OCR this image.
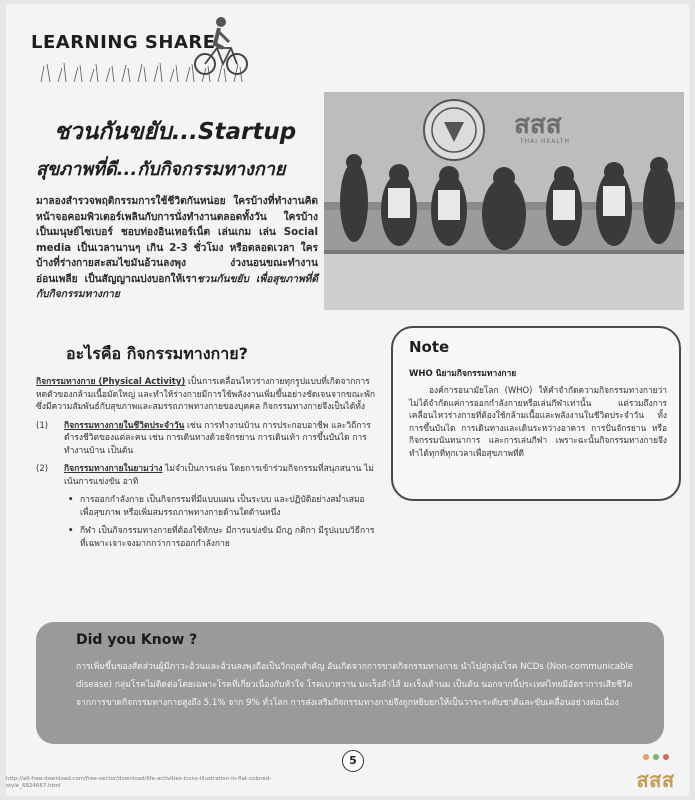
LEARNING SHARE
สสส
THAI HEALTH
ชวนกันขยับ...Startup
สุขภาพที่ดี...กับกิจกรรมทางกาย
มาลองสำรวจพฤติกรรมการใช้ชีวิตกันหน่อย ใครบ้างที่ทำงานคิดหน้าจอคอมพิวเตอร์เพลินกับการนั่งทำงานตลอดทั้งวัน ใครบ้างเป็นมนุษย์ไซเบอร์ ชอบท่องอินเทอร์เน็ต เล่นเกม เล่น Social media เป็นเวลานานๆ เกิน 2-3 ชั่วโมง หรือตลอดเวลา ใครบ้างที่ร่างกายสะสมไขมันอ้วนลงพุง ง่วงนอนขณะทำงาน อ่อนเพลีย เป็นสัญญาณบ่งบอกให้เราชวนกันขยับ เพื่อสุขภาพที่ดีกับกิจกรรมทางกาย
อะไรคือ กิจกรรมทางกาย?

กิจกรรมทางกาย (Physical Activity) เป็นการเคลื่อนไหวร่างกายทุกรูปแบบที่เกิดจากการหดตัวของกล้ามเนื้อมัดใหญ่ และทำให้ร่างกายมีการใช้พลังงานเพิ่มขึ้นอย่างชัดเจนจากขณะพัก ซึ่งมีความสัมพันธ์กับสุขภาพและสมรรถภาพทางกายของบุคคล กิจกรรมทางกายจึงเป็นได้ทั้ง

(1)	กิจกรรมทางกายในชีวิตประจำวัน เช่น การทำงานบ้าน การประกอบอาชีพ และวิถีการดำรงชีวิตของแต่ละคน เช่น การเดินทางด้วยจักรยาน การเดินเท้า การขึ้นบันได การทำงานบ้าน เป็นต้น
(2)	กิจกรรมทางกายในยามว่าง ไม่จำเป็นการเล่น โดยการเข้าร่วมกิจกรรมที่สนุกสนาน ไม่เน้นการแข่งขัน อาทิ
• การออกกำลังกาย เป็นกิจกรรมที่มีแบบแผน เป็นระบบ และปฏิบัติอย่างสม่ำเสมอ เพื่อสุขภาพ หรือเพิ่มสมรรถภาพทางกายด้านใดด้านหนึ่ง
• กีฬา เป็นกิจกรรมทางกายที่ต้องใช้ทักษะ มีการแข่งขัน มีกฎ กติกา มีรูปแบบวิธีการที่เฉพาะเจาะจงมากกว่าการออกกำลังกาย
Note
WHO นิยามกิจกรรมทางกาย
องค์การอนามัยโลก (WHO) ให้คำจำกัดความกิจกรรมทางกายว่า ไม่ได้จำกัดแค่การออกกำลังกายหรือเล่นกีฬาเท่านั้น แต่รวมถึงการเคลื่อนไหวร่างกายที่ต้องใช้กล้ามเนื้อและพลังงานในชีวิตประจำวัน ทั้งการขึ้นบันได การเดินทางและเดินระหว่างอาคาร การปั่นจักรยาน หรือกิจกรรมนันทนาการ และการเล่นกีฬา เพราะฉะนั้นกิจกรรมทางกายจึงทำได้ทุกที่ทุกเวลาเพื่อสุขภาพที่ดี
Did you Know ?
การเพิ่มขึ้นของสัดส่วนผู้มีภาวะอ้วนและอ้วนลงพุงถือเป็นวิกฤตสำคัญ อันเกิดจากการขาดกิจกรรมทางกาย นำไปสู่กลุ่มโรค NCDs (Non-communicable disease) กลุ่มโรคไม่ติดต่อโดยเฉพาะโรคที่เกี่ยวเนื่องกับหัวใจ โรคเบาหวาน มะเร็งลำไส้ มะเร็งเต้านม เป็นต้น นอกจากนี้ประเทศไทยมีอัตราการเสียชีวิตจากการขาดกิจกรรมทางกายสูงถึง 5.1% จาก 9% ทั่วโลก การส่งเสริมกิจกรรมทางกายจึงถูกหยิบยกให้เป็นวาระระดับชาติและขับเคลื่อนอย่างต่อเนื่อง
http://all-free-download.com/free-vector/download/life-activities-icons-illustration-in-flat-colored-style_6824667.html
5
สสส
